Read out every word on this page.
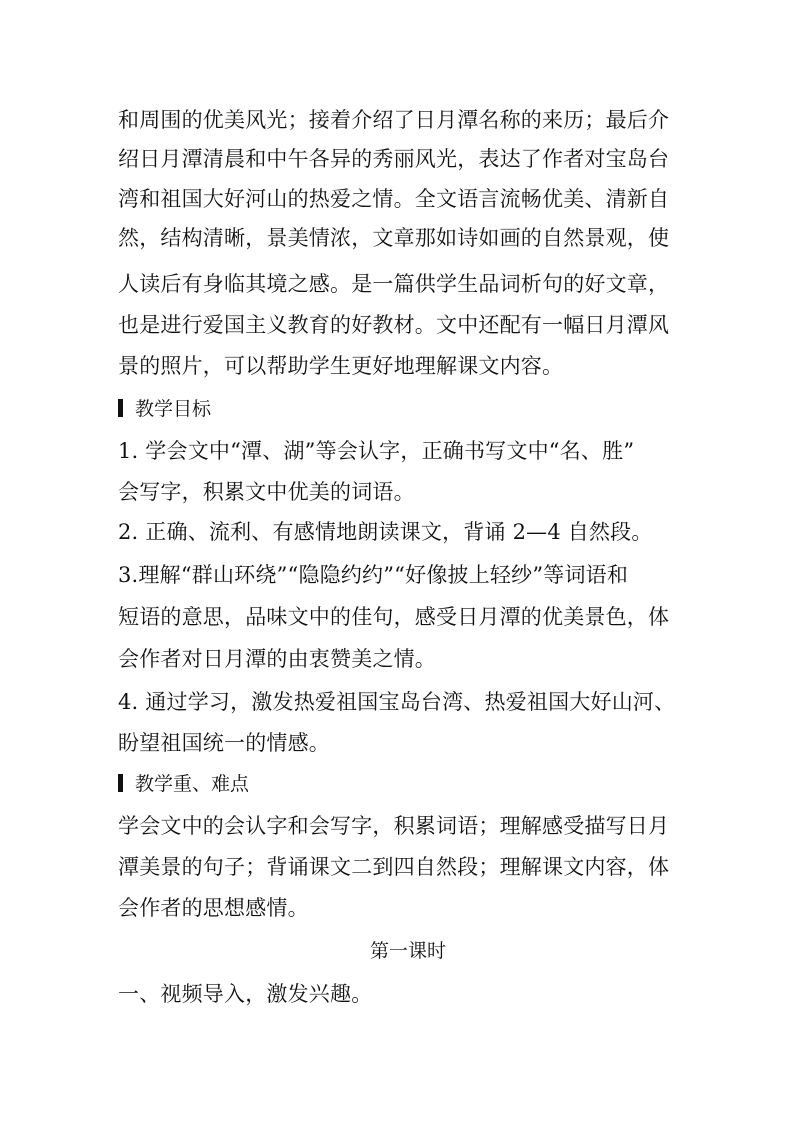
和周围的优美风光；接着介绍了日月潭名称的来历；最后介
绍日月潭清晨和中午各异的秀丽风光，表达了作者对宝岛台
湾和祖国大好河山的热爱之情。全文语言流畅优美、清新自
然，结构清晰，景美情浓，文章那如诗如画的自然景观，使
人读后有身临其境之感。是一篇供学生品词析句的好文章，
也是进行爱国主义教育的好教材。文中还配有一幅日月潭风
景的照片，可以帮助学生更好地理解课文内容。
教学目标
1. 学会文中“潭、湖”等会认字，正确书写文中“名、胜”
会写字，积累文中优美的词语。
2. 正确、流利、有感情地朗读课文，背诵 2—4 自然段。
3.理解“群山环绕”“隐隐约约”“好像披上轻纱”等词语和
短语的意思，品味文中的佳句，感受日月潭的优美景色，体
会作者对日月潭的由衷赞美之情。
4. 通过学习，激发热爱祖国宝岛台湾、热爱祖国大好山河、
盼望祖国统一的情感。
教学重、难点
学会文中的会认字和会写字，积累词语；理解感受描写日月
潭美景的句子；背诵课文二到四自然段；理解课文内容，体
会作者的思想感情。
第一课时
一、视频导入，激发兴趣。
